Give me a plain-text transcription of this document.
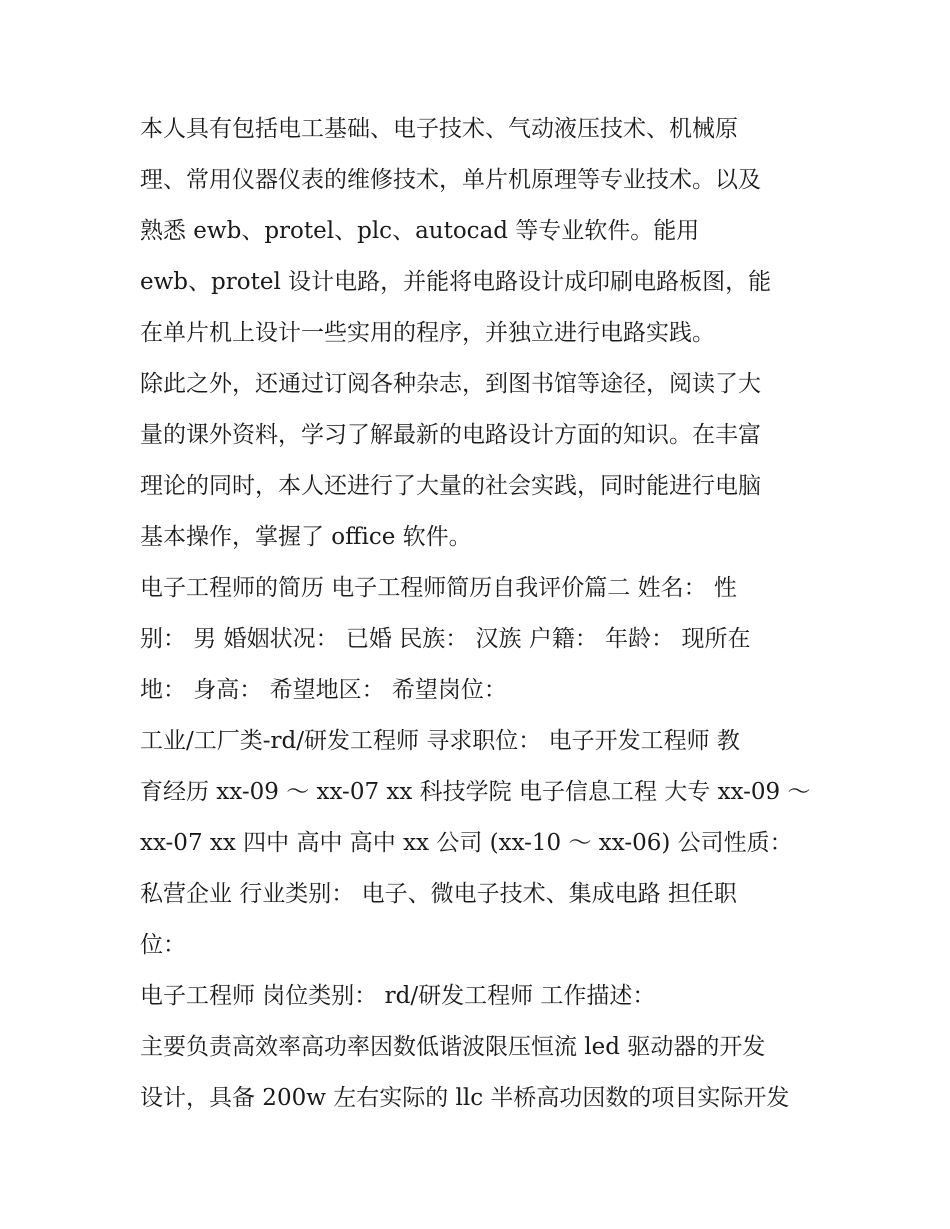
本人具有包括电工基础、电子技术、气动液压技术、机械原
理、常用仪器仪表的维修技术，单片机原理等专业技术。以及
熟悉 ewb、protel、plc、autocad 等专业软件。能用
ewb、protel 设计电路，并能将电路设计成印刷电路板图，能
在单片机上设计一些实用的程序，并独立进行电路实践。
除此之外，还通过订阅各种杂志，到图书馆等途径，阅读了大
量的课外资料，学习了解最新的电路设计方面的知识。在丰富
理论的同时，本人还进行了大量的社会实践，同时能进行电脑
基本操作，掌握了 office 软件。
电子工程师的简历 电子工程师简历自我评价篇二 姓名： 性
别： 男 婚姻状况： 已婚 民族： 汉族 户籍： 年龄： 现所在
地： 身高： 希望地区： 希望岗位：
工业/工厂类-rd/研发工程师 寻求职位： 电子开发工程师 教
育经历 xx-09 ～ xx-07 xx 科技学院 电子信息工程 大专 xx-09 ～
xx-07 xx 四中 高中 高中 xx 公司 (xx-10 ～ xx-06) 公司性质：
私营企业 行业类别： 电子、微电子技术、集成电路 担任职
位：
电子工程师 岗位类别： rd/研发工程师 工作描述：
主要负责高效率高功率因数低谐波限压恒流 led 驱动器的开发
设计，具备 200w 左右实际的 llc 半桥高功因数的项目实际开发
